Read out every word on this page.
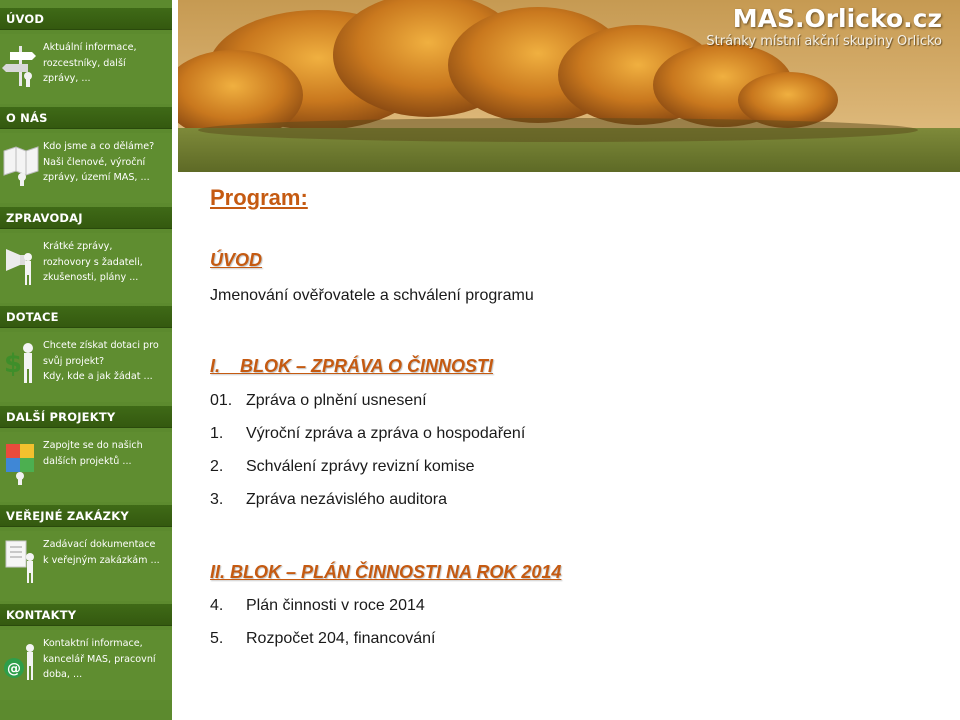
ÚVOD
Aktuální informace,
rozcestníky, další
zprávy, ...
O NÁS
Kdo jsme a co děláme?
Naši členové, výroční
zprávy, území MAS, ...
ZPRAVODAJ
Krátké zprávy,
rozhovory s žadateli,
zkušenosti, plány ...
DOTACE
$
Chcete získat dotaci pro
svůj projekt?
Kdy, kde a jak žádat ...
DALŠÍ PROJEKTY
Zapojte se do našich
dalších projektů ...
VEŘEJNÉ ZAKÁZKY
Zadávací dokumentace
k veřejným zakázkám ...
KONTAKTY
@
Kontaktní informace,
kancelář MAS, pracovní
doba, ...
MAS.Orlicko.cz
Stránky místní akční skupiny Orlicko
Program:
ÚVOD
Jmenování ověřovatele a schválení programu
I.    BLOK – ZPRÁVA O ČINNOSTI
01. Zpráva o plnění usnesení
1. Výroční zpráva a zpráva o hospodaření
2. Schválení zprávy revizní komise
3. Zpráva nezávislého auditora
II. BLOK – PLÁN ČINNOSTI NA ROK 2014
4. Plán činnosti v roce 2014
5. Rozpočet 204, financování
